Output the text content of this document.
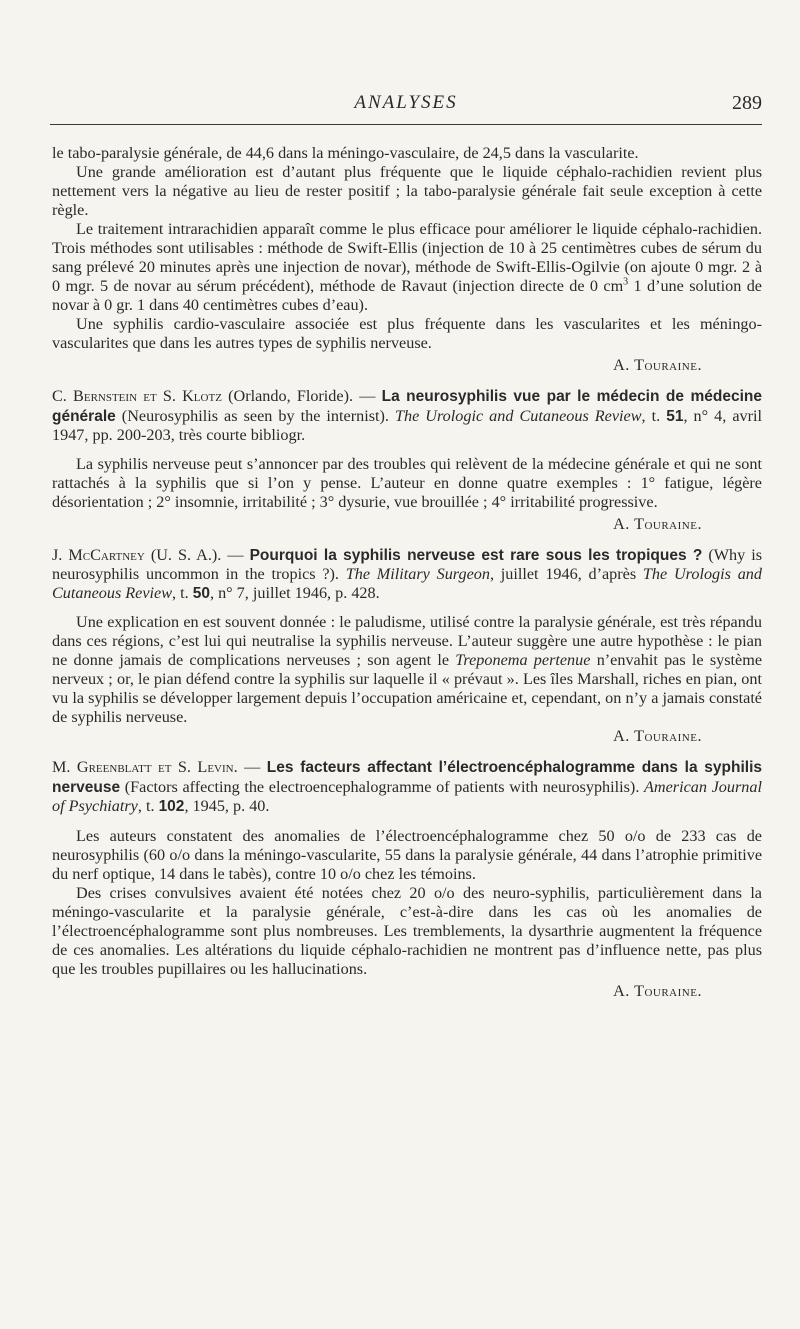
ANALYSES	289

le tabo-paralysie générale, de 44,6 dans la méningo-vasculaire, de 24,5 dans la vascularite.

Une grande amélioration est d’autant plus fréquente que le liquide céphalo-rachidien revient plus nettement vers la négative au lieu de rester positif ; la tabo-paralysie générale fait seule exception à cette règle.

Le traitement intrarachidien apparaît comme le plus efficace pour améliorer le liquide céphalo-rachidien. Trois méthodes sont utilisables : méthode de Swift-Ellis (injection de 10 à 25 centimètres cubes de sérum du sang prélevé 20 minutes après une injection de novar), méthode de Swift-Ellis-Ogilvie (on ajoute 0 mgr. 2 à 0 mgr. 5 de novar au sérum précédent), méthode de Ravaut (injection directe de 0 $cm^3$ 1 d’une solution de novar à 0 gr. 1 dans 40 centimètres cubes d’eau).

Une syphilis cardio-vasculaire associée est plus fréquente dans les vascularites et les méningo-vascularites que dans les autres types de syphilis nerveuse.

A. Touraine.

C. Bernstein et S. Klotz (Orlando, Floride). — La neurosyphilis vue par le médecin de médecine générale (Neurosyphilis as seen by the internist). The Urologic and Cutaneous Review, t. 51, n° 4, avril 1947, pp. 200-203, très courte bibliogr.

La syphilis nerveuse peut s’annoncer par des troubles qui relèvent de la médecine générale et qui ne sont rattachés à la syphilis que si l’on y pense. L’auteur en donne quatre exemples : 1° fatigue, légère désorientation ; 2° insomnie, irritabilité ; 3° dysurie, vue brouillée ; 4° irritabilité progressive.

A. Touraine.

J. McCartney (U. S. A.). — Pourquoi la syphilis nerveuse est rare sous les tropiques ? (Why is neurosyphilis uncommon in the tropics ?). The Military Surgeon, juillet 1946, d’après The Urologis and Cutaneous Review, t. 50, n° 7, juillet 1946, p. 428.

Une explication en est souvent donnée : le paludisme, utilisé contre la paralysie générale, est très répandu dans ces régions, c’est lui qui neutralise la syphilis nerveuse. L’auteur suggère une autre hypothèse : le pian ne donne jamais de complications nerveuses ; son agent le Treponema pertenue n’envahit pas le système nerveux ; or, le pian défend contre la syphilis sur laquelle il « prévaut ». Les îles Marshall, riches en pian, ont vu la syphilis se développer largement depuis l’occupation américaine et, cependant, on n’y a jamais constaté de syphilis nerveuse.

A. Touraine.

M. Greenblatt et S. Levin. — Les facteurs affectant l’électroencéphalogramme dans la syphilis nerveuse (Factors affecting the electroencephalogramme of patients with neurosyphilis). American Journal of Psychiatry, t. 102, 1945, p. 40.

Les auteurs constatent des anomalies de l’électroencéphalogramme chez 50 o/o de 233 cas de neurosyphilis (60 o/o dans la méningo-vascularite, 55 dans la paralysie générale, 44 dans l’atrophie primitive du nerf optique, 14 dans le tabès), contre 10 o/o chez les témoins.

Des crises convulsives avaient été notées chez 20 o/o des neuro-syphilis, particulièrement dans la méningo-vascularite et la paralysie générale, c’est-à-dire dans les cas où les anomalies de l’électroencéphalogramme sont plus nombreuses. Les tremblements, la dysarthrie augmentent la fréquence de ces anomalies. Les altérations du liquide céphalo-rachidien ne montrent pas d’influence nette, pas plus que les troubles pupillaires ou les hallucinations.

A. Touraine.
